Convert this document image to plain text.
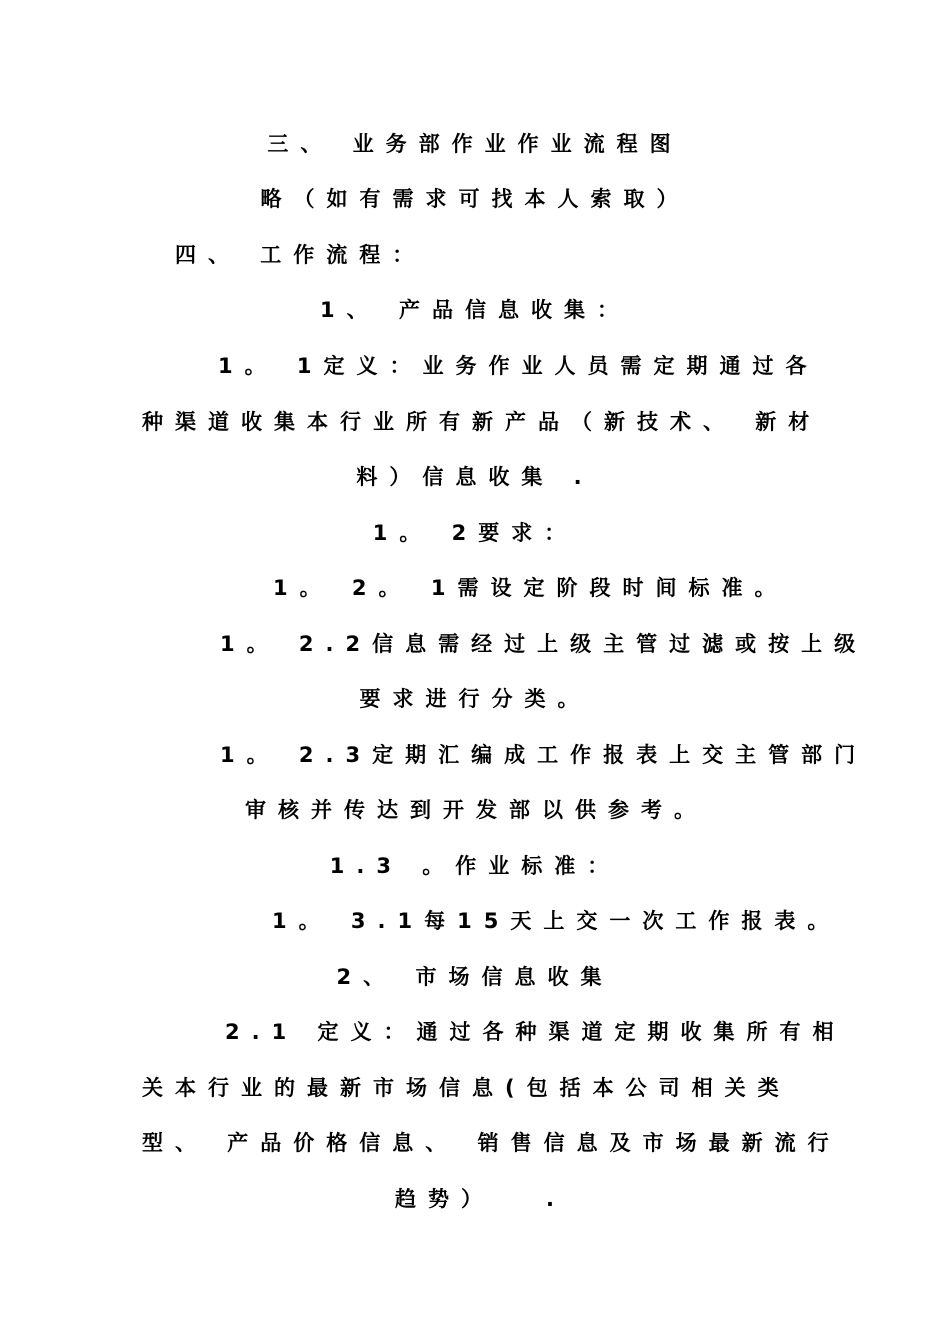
三、 业务部作业作业流程图
略（如有需求可找本人索取）
四、 工作流程：
1、 产品信息收集：
1。 1定义：业务作业人员需定期通过各
种渠道收集本行业所有新产品（新技术、 新材
料）信息收集 .
1。 2要求：
1。 2。 1需设定阶段时间标准。
1。 2.2信息需经过上级主管过滤或按上级
要求进行分类。
1。 2.3定期汇编成工作报表上交主管部门
审核并传达到开发部以供参考。
1.3 。作业标准：
1。 3.1每15天上交一次工作报表。
2、 市场信息收集
2.1 定义：通过各种渠道定期收集所有相
关本行业的最新市场信息(包括本公司相关类
型、 产品价格信息、 销售信息及市场最新流行
趋势） .
